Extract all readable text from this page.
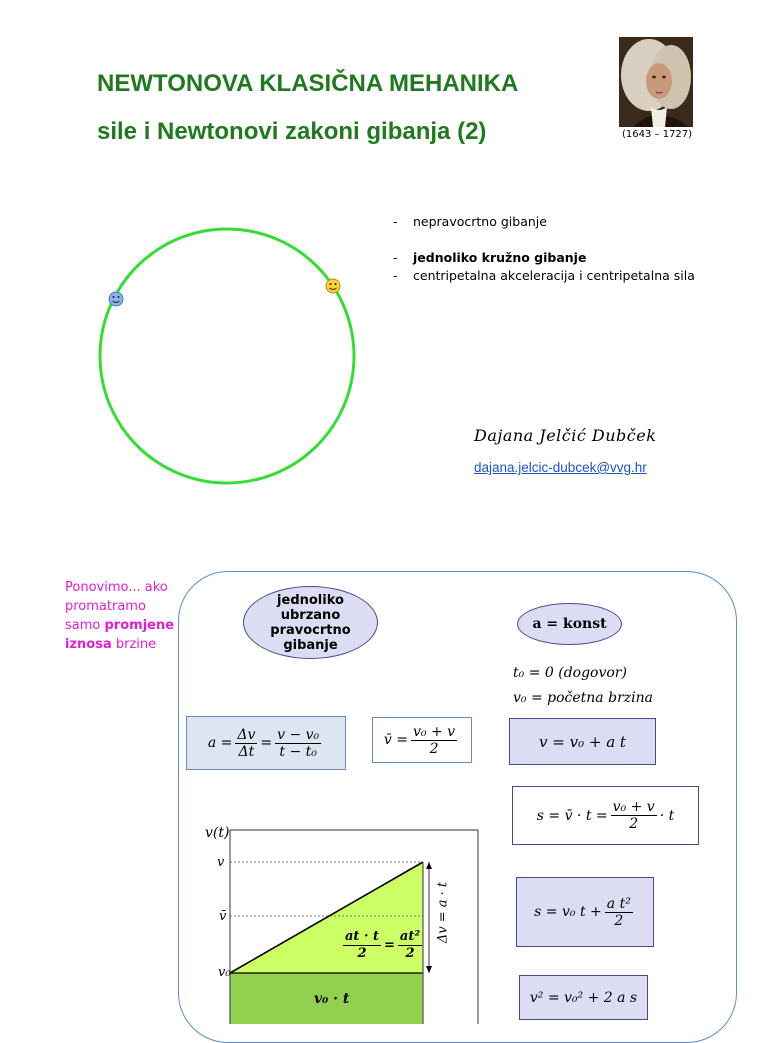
NEWTONOVA KLASIČNA MEHANIKA
sile i Newtonovi zakoni gibanja (2)	(1643 – 1727)
- nepravocrtno gibanje
- jednoliko kružno gibanje
- centripetalna akceleracija i centripetalna sila
Dajana Jelčić Dubček
dajana.jelcic-dubcek@vvg.hr
Ponovimo... ako promatramo samo promjene iznosa brzine
jednoliko ubrzano pravocrtno gibanje
a = konst
t₀ = 0 (dogovor)
v₀ = početna brzina
$a = \frac{\Delta v}{\Delta t} = \frac{\text{v − v₀}}{\text{t − t₀}}$	v̄ = $\frac{\text{v₀ + v}}{2}$	v = v₀ + a t
s = v̄ · $t = \frac{\text{v₀ + v}}{2} \cdot t$
s = v₀ $t + \frac{\text{a t²}}{2}$
v² = v₀² + 2 a s
v(t)
v
v̄
v₀
$\frac{at \cdot t}{2} = \frac{\text{at²}}{2}$
Δv = a · t
v₀ · t
